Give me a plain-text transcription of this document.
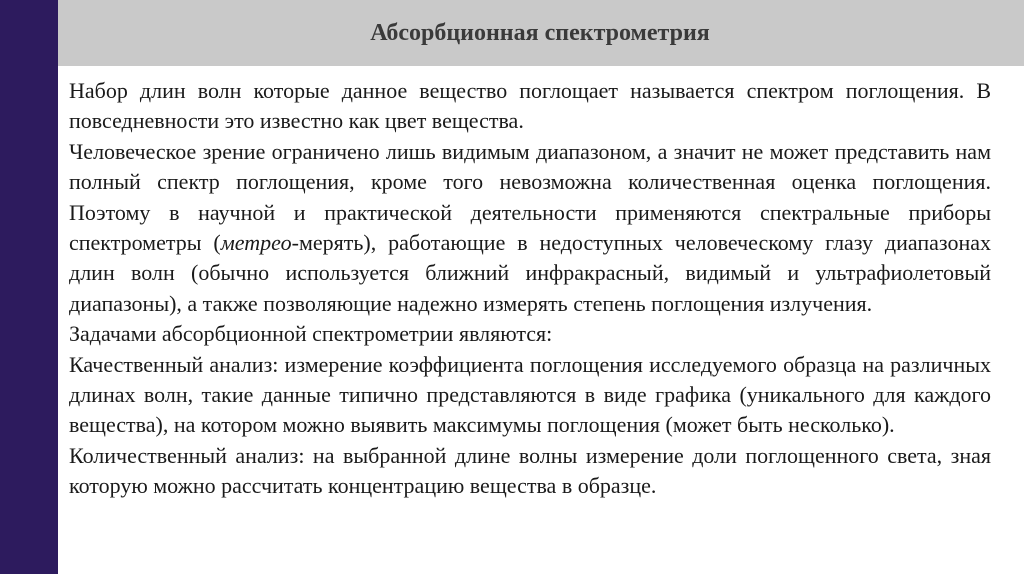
Абсорбционная спектрометрия

Набор длин волн которые данное вещество поглощает называется спектром поглощения. В повседневности это известно как цвет вещества.

Человеческое зрение ограничено лишь видимым диапазоном, а значит не может представить нам полный спектр поглощения, кроме того невозможна количественная оценка поглощения. Поэтому в научной и практической деятельности применяются спектральные приборы спектрометры (метрео-мерять), работающие в недоступных человеческому глазу диапазонах длин волн (обычно используется ближний инфракрасный, видимый и ультрафиолетовый диапазоны), а также позволяющие надежно измерять степень поглощения излучения.

Задачами абсорбционной спектрометрии являются:

Качественный анализ: измерение коэффициента поглощения исследуемого образца на различных длинах волн, такие данные типично представляются в виде графика (уникального для каждого вещества), на котором можно выявить максимумы поглощения (может быть несколько).

Количественный анализ: на выбранной длине волны измерение доли поглощенного света, зная которую можно рассчитать концентрацию вещества в образце.
